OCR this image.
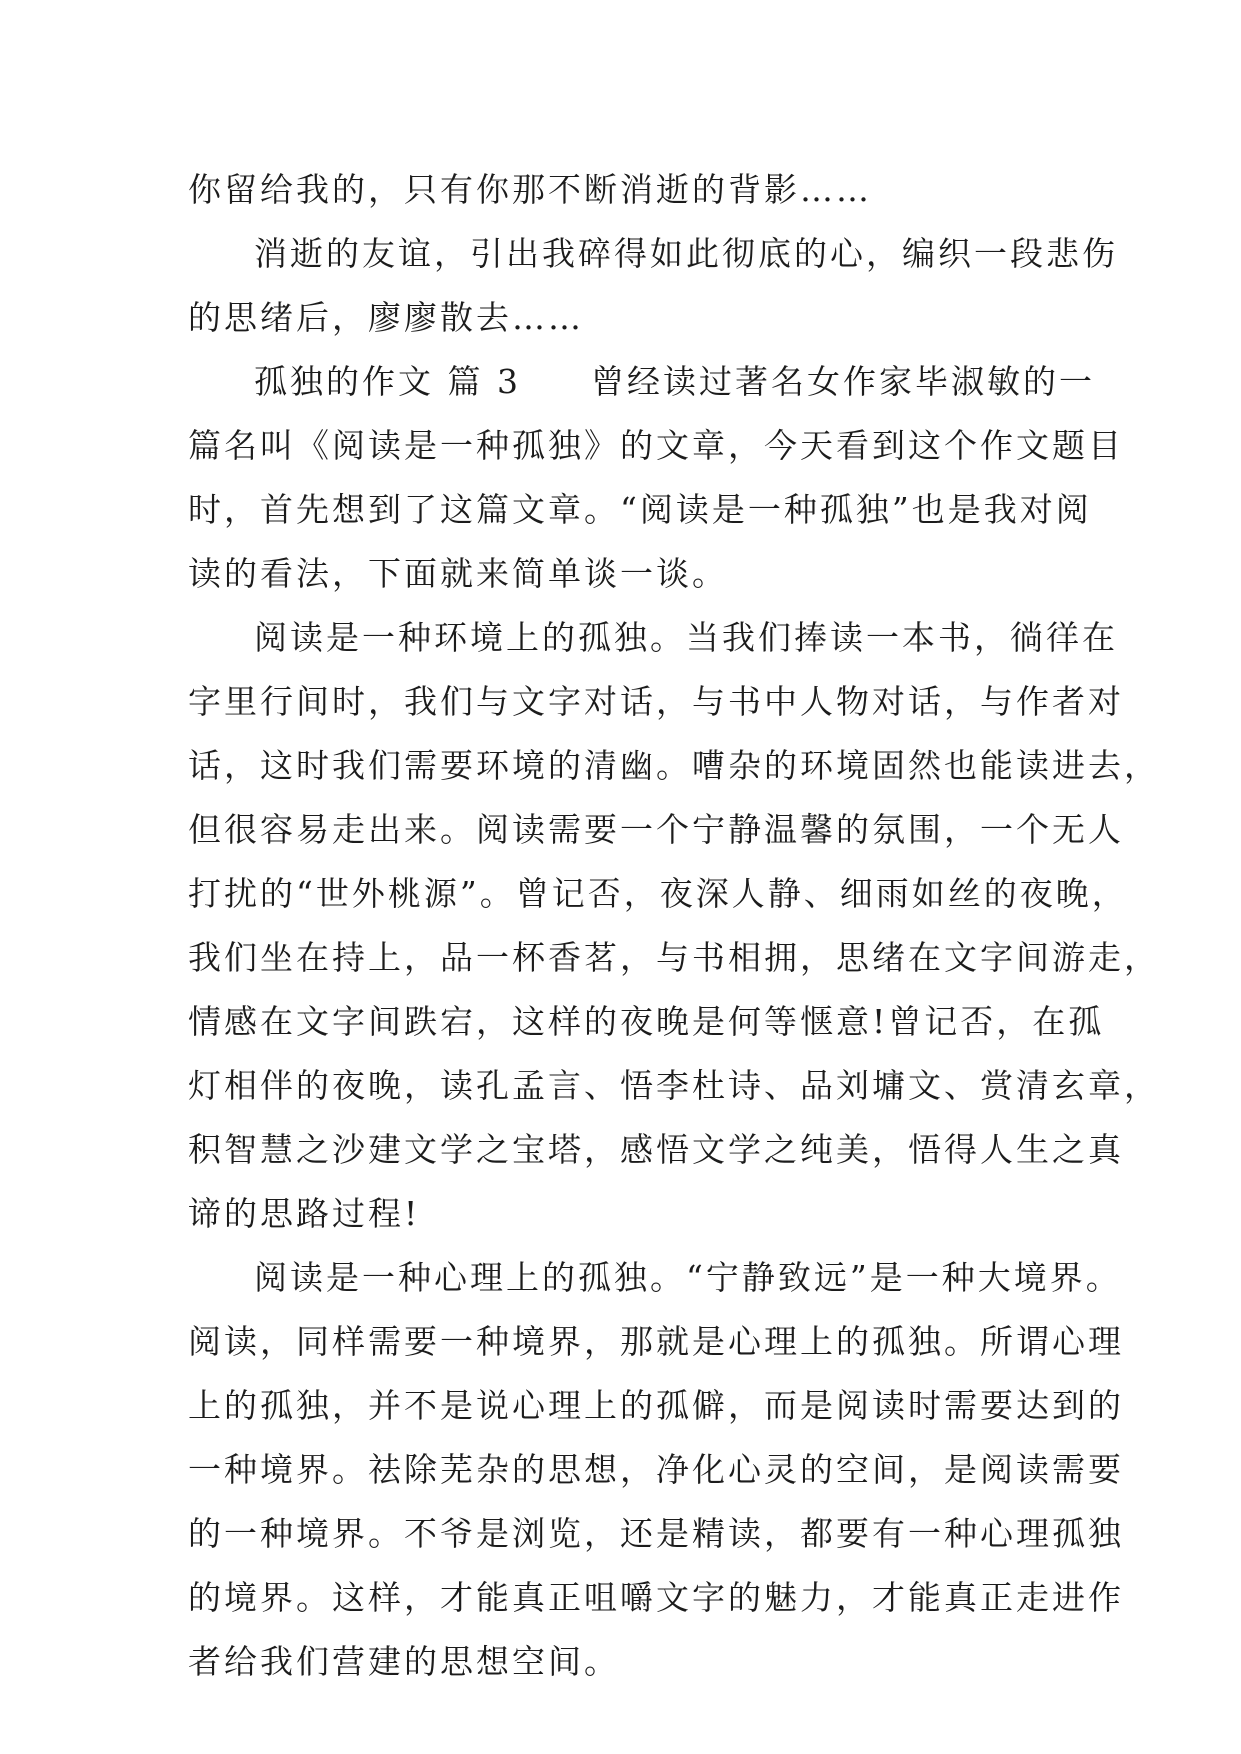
你留给我的，只有你那不断消逝的背影……
消逝的友谊，引出我碎得如此彻底的心，编织一段悲伤
的思绪后，廖廖散去……
孤独的作文 篇 3 曾经读过著名女作家毕淑敏的一
篇名叫《阅读是一种孤独》的文章，今天看到这个作文题目
时，首先想到了这篇文章。“阅读是一种孤独”也是我对阅
读的看法，下面就来简单谈一谈。
阅读是一种环境上的孤独。当我们捧读一本书，徜徉在
字里行间时，我们与文字对话，与书中人物对话，与作者对
话，这时我们需要环境的清幽。嘈杂的环境固然也能读进去，
但很容易走出来。阅读需要一个宁静温馨的氛围，一个无人
打扰的“世外桃源”。曾记否，夜深人静、细雨如丝的夜晚，
我们坐在持上，品一杯香茗，与书相拥，思绪在文字间游走，
情感在文字间跌宕，这样的夜晚是何等惬意!曾记否，在孤
灯相伴的夜晚，读孔孟言、悟李杜诗、品刘墉文、赏清玄章，
积智慧之沙建文学之宝塔，感悟文学之纯美，悟得人生之真
谛的思路过程!
阅读是一种心理上的孤独。“宁静致远”是一种大境界。
阅读，同样需要一种境界，那就是心理上的孤独。所谓心理
上的孤独，并不是说心理上的孤僻，而是阅读时需要达到的
一种境界。祛除芜杂的思想，净化心灵的空间，是阅读需要
的一种境界。不爷是浏览，还是精读，都要有一种心理孤独
的境界。这样，才能真正咀嚼文字的魅力，才能真正走进作
者给我们营建的思想空间。
